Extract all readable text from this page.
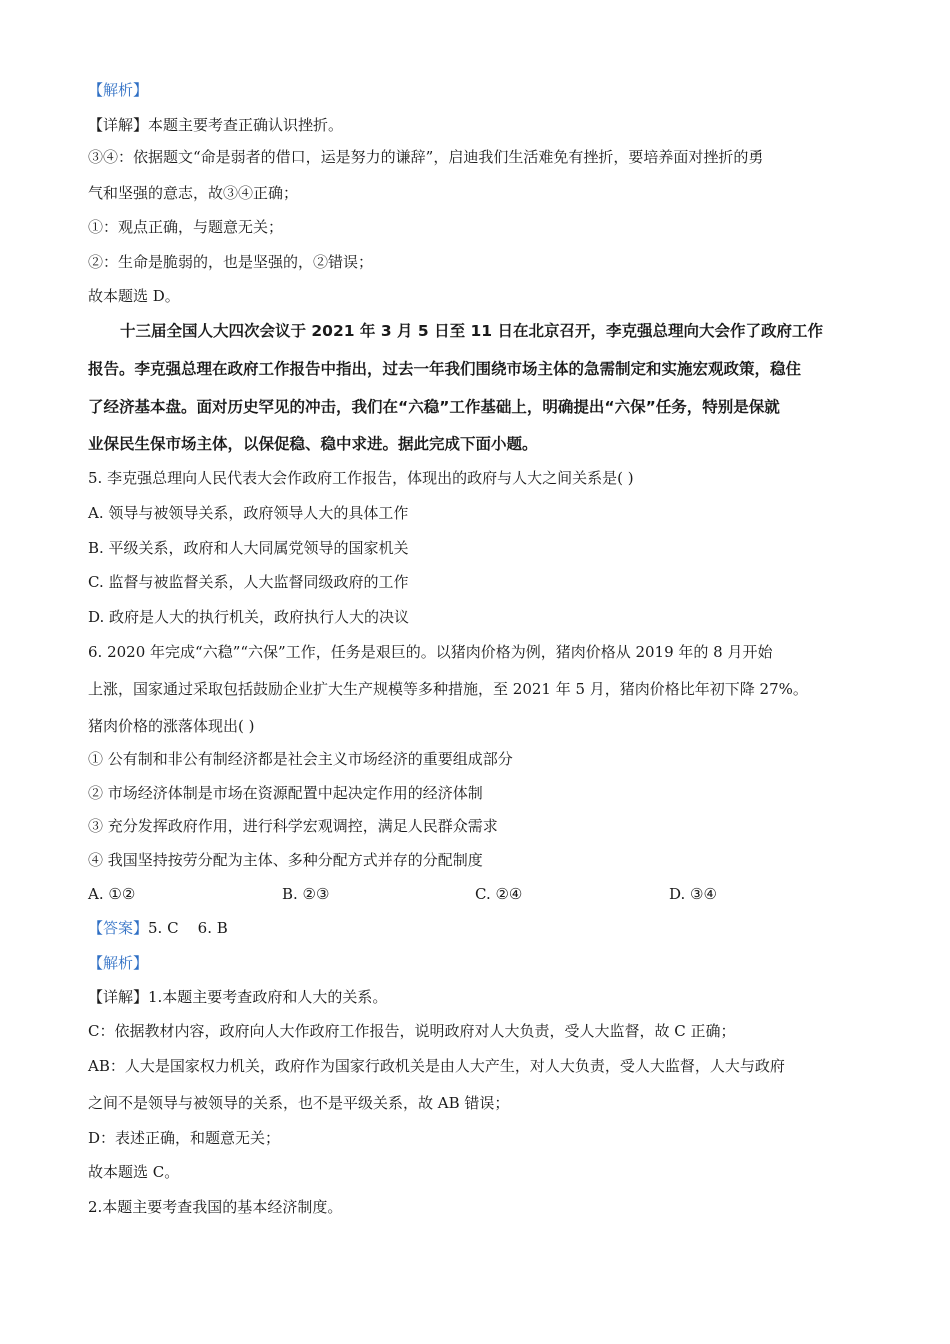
【解析】
【详解】本题主要考查正确认识挫折。
③④：依据题文“命是弱者的借口，运是努力的谦辞”，启迪我们生活难免有挫折，要培养面对挫折的勇
气和坚强的意志，故③④正确；
①：观点正确，与题意无关；
②：生命是脆弱的，也是坚强的，②错误；
故本题选 D。
十三届全国人大四次会议于 2021 年 3 月 5 日至 11 日在北京召开，李克强总理向大会作了政府工作
报告。李克强总理在政府工作报告中指出，过去一年我们围绕市场主体的急需制定和实施宏观政策，稳住
了经济基本盘。面对历史罕见的冲击，我们在“六稳”工作基础上，明确提出“六保”任务，特别是保就
业保民生保市场主体，以保促稳、稳中求进。据此完成下面小题。
5. 李克强总理向人民代表大会作政府工作报告，体现出的政府与人大之间关系是( )
A. 领导与被领导关系，政府领导人大的具体工作
B. 平级关系，政府和人大同属党领导的国家机关
C. 监督与被监督关系，人大监督同级政府的工作
D. 政府是人大的执行机关，政府执行人大的决议
6. 2020 年完成“六稳”“六保”工作，任务是艰巨的。以猪肉价格为例，猪肉价格从 2019 年的 8 月开始
上涨，国家通过采取包括鼓励企业扩大生产规模等多种措施，至 2021 年 5 月，猪肉价格比年初下降 27%。
猪肉价格的涨落体现出( )
① 公有制和非公有制经济都是社会主义市场经济的重要组成部分
② 市场经济体制是市场在资源配置中起决定作用的经济体制
③ 充分发挥政府作用，进行科学宏观调控，满足人民群众需求
④ 我国坚持按劳分配为主体、多种分配方式并存的分配制度
A. ①②	B. ②③	C. ②④	D. ③④
【答案】5. C    6. B
【解析】
【详解】1.本题主要考查政府和人大的关系。
C：依据教材内容，政府向人大作政府工作报告，说明政府对人大负责，受人大监督，故 C 正确；
AB：人大是国家权力机关，政府作为国家行政机关是由人大产生，对人大负责，受人大监督，人大与政府
之间不是领导与被领导的关系，也不是平级关系，故 AB 错误；
D：表述正确，和题意无关；
故本题选 C。
2.本题主要考查我国的基本经济制度。
